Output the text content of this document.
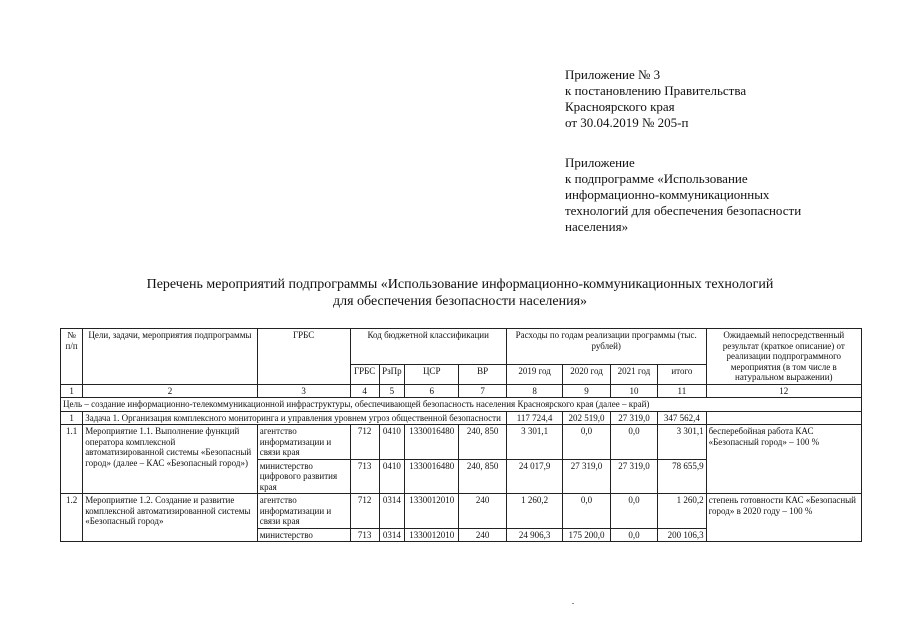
Приложение № 3
к постановлению Правительства
Красноярского края
от 30.04.2019 № 205-п
Приложение
к подпрограмме «Использование
информационно-коммуникационных
технологий для обеспечения безопасности
населения»
Перечень мероприятий подпрограммы «Использование информационно-коммуникационных технологий
для обеспечения безопасности населения»
№ п/п	Цели, задачи, мероприятия подпрограммы	ГРБС	Код бюджетной классификации				Расходы по годам реализации программы (тыс. рублей)				Ожидаемый непосредственный результат (краткое описание) от реализации подпрограммного мероприятия (в том числе в натуральном выражении)
			ГРБС	РзПр	ЦСР	ВР	2019 год	2020 год	2021 год	итого	
1	2	3	4	5	6	7	8	9	10	11	12
Цель – создание информационно-телекоммуникационной инфраструктуры, обеспечивающей безопасность населения Красноярского края (далее – край)											
1	Задача 1. Организация комплексного мониторинга и управления уровнем угроз общественной безопасности						117 724,4	202 519,0	27 319,0	347 562,4	
1.1	Мероприятие 1.1. Выполнение функций оператора комплексной автоматизированной системы «Безопасный город» (далее – КАС «Безопасный город»)	агентство информатизации и связи края	712	0410	1330016480	240, 850	3 301,1	0,0	0,0	3 301,1	бесперебойная работа КАС «Безопасный город» – 100 %
		министерство цифрового развития края	713	0410	1330016480	240, 850	24 017,9	27 319,0	27 319,0	78 655,9	
1.2	Мероприятие 1.2. Создание и развитие комплексной автоматизированной системы «Безопасный город»	агентство информатизации и связи края	712	0314	1330012010	240	1 260,2	0,0	0,0	1 260,2	степень готовности КАС «Безопасный город» в 2020 году – 100 %
		министерство	713	0314	1330012010	240	24 906,3	175 200,0	0,0	200 106,3	
